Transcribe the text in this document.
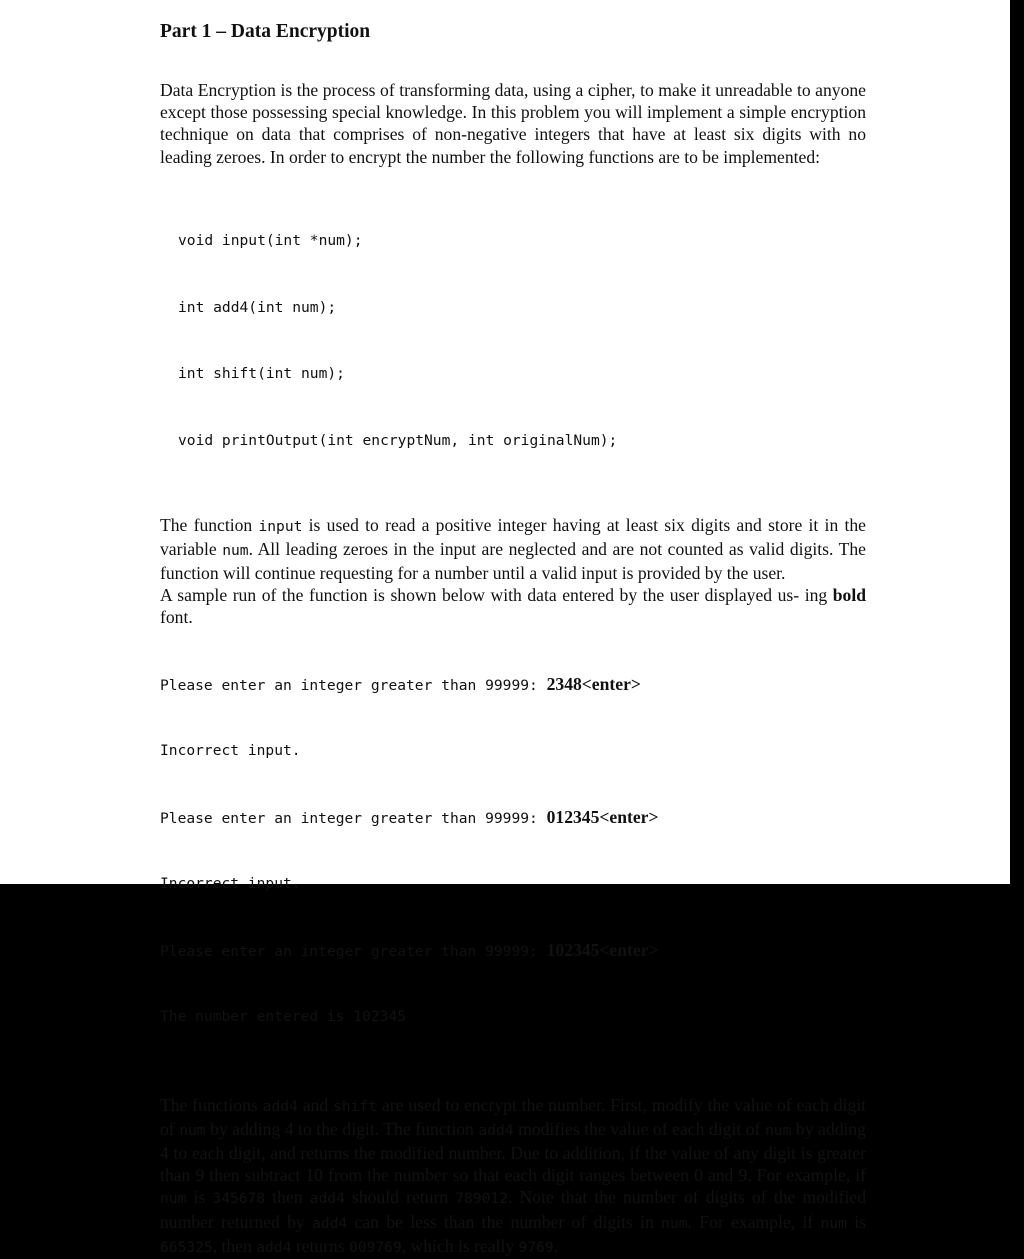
Part 1 – Data Encryption

Data Encryption is the process of transforming data, using a cipher, to make it unreadable to anyone except those possessing special knowledge. In this problem you will implement a simple encryption technique on data that comprises of non-negative integers that have at least six digits with no leading zeroes. In order to encrypt the number the following functions are to be implemented:

void input(int *num);

int add4(int num);

int shift(int num);

void printOutput(int encryptNum, int originalNum);

The function input is used to read a positive integer having at least six digits and store it in the variable num. All leading zeroes in the input are neglected and are not counted as valid digits. The function will continue requesting for a number until a valid input is provided by the user.

A sample run of the function is shown below with data entered by the user displayed us- ing bold font.

Please enter an integer greater than 99999: 2348<enter>

Incorrect input.

Please enter an integer greater than 99999: 012345<enter>

Incorrect input.

Please enter an integer greater than 99999: 102345<enter>

The number entered is 102345

The functions add4 and shift are used to encrypt the number. First, modify the value of each digit of num by adding 4 to the digit. The function add4 modifies the value of each digit of num by adding 4 to each digit, and returns the modified number. Due to addition, if the value of any digit is greater than 9 then subtract 10 from the number so that each digit ranges between 0 and 9. For example, if num is 345678 then add4 should return 789012. Note that the number of digits of the modified number returned by add4 can be less than the number of digits in num. For example, if num is 665325, then add4 returns 009769, which is really 9769.
